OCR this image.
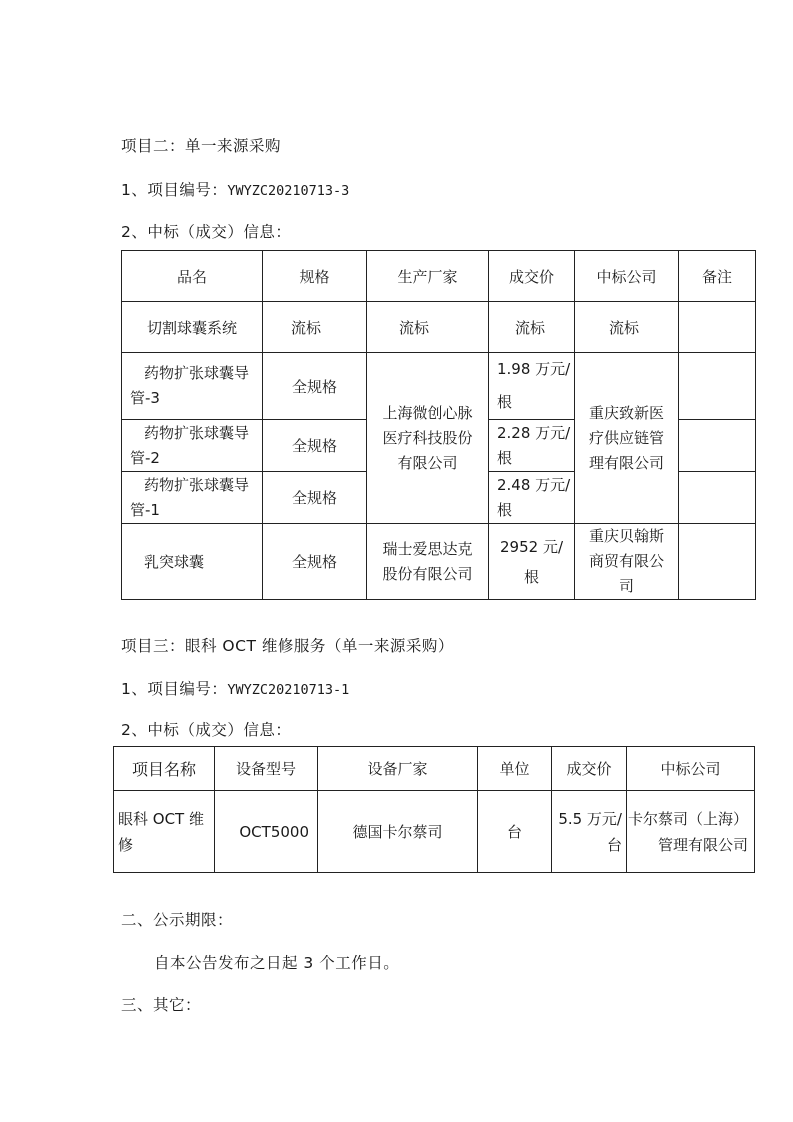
项目二：单一来源采购
1、项目编号：YWYZC20210713-3
2、中标（成交）信息：
品名	规格	生产厂家	成交价	中标公司	备注
切割球囊系统	流标	流标	流标	流标	
药物扩张球囊导管-3	全规格	上海微创心脉医疗科技股份有限公司	1.98 万元/根	重庆致新医疗供应链管理有限公司	
药物扩张球囊导管-2	全规格		2.28 万元/根		
药物扩张球囊导管-1	全规格		2.48 万元/根		
乳突球囊	全规格	瑞士爱思达克股份有限公司	2952 元/根	重庆贝翰斯商贸有限公司	
项目三：眼科 OCT 维修服务（单一来源采购）
1、项目编号：YWYZC20210713-1
2、中标（成交）信息：
项目名称	设备型号	设备厂家	单位	成交价	中标公司
眼科 OCT 维修	OCT5000	德国卡尔蔡司	台	5.5 万元/台	卡尔蔡司（上海）管理有限公司
二、公示期限：
自本公告发布之日起 3 个工作日。
三、其它：
